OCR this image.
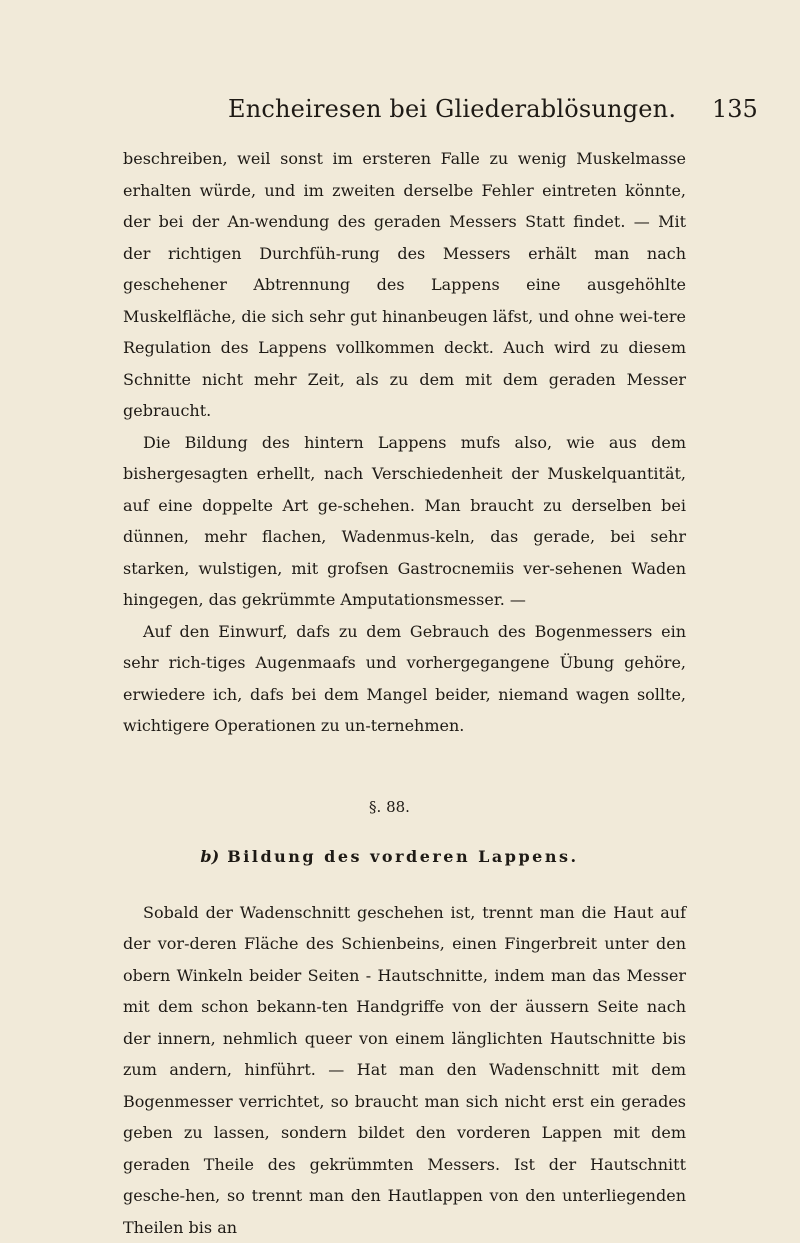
Encheiresen bei Gliederablösungen. 135

beschreiben, weil sonst im ersteren Falle zu wenig Muskelmasse erhalten würde, und im zweiten derselbe Fehler eintreten könnte, der bei der An-wendung des geraden Messers Statt findet. — Mit der richtigen Durchfüh-rung des Messers erhält man nach geschehener Abtrennung des Lappens eine ausgehöhlte Muskelfläche, die sich sehr gut hinanbeugen läfst, und ohne wei-tere Regulation des Lappens vollkommen deckt. Auch wird zu diesem Schnitte nicht mehr Zeit, als zu dem mit dem geraden Messer gebraucht.

Die Bildung des hintern Lappens mufs also, wie aus dem bishergesagten erhellt, nach Verschiedenheit der Muskelquantität, auf eine doppelte Art ge-schehen. Man braucht zu derselben bei dünnen, mehr flachen, Wadenmus-keln, das gerade, bei sehr starken, wulstigen, mit grofsen Gastrocnemiis ver-sehenen Waden hingegen, das gekrümmte Amputationsmesser. —

Auf den Einwurf, dafs zu dem Gebrauch des Bogenmessers ein sehr rich-tiges Augenmaafs und vorhergegangene Übung gehöre, erwiedere ich, dafs bei dem Mangel beider, niemand wagen sollte, wichtigere Operationen zu un-ternehmen.

§. 88.
b) Bildung des vorderen Lappens.

Sobald der Wadenschnitt geschehen ist, trennt man die Haut auf der vor-deren Fläche des Schienbeins, einen Fingerbreit unter den obern Winkeln beider Seiten - Hautschnitte, indem man das Messer mit dem schon bekann-ten Handgriffe von der äussern Seite nach der innern, nehmlich queer von einem länglichten Hautschnitte bis zum andern, hinführt. — Hat man den Wadenschnitt mit dem Bogenmesser verrichtet, so braucht man sich nicht erst ein gerades geben zu lassen, sondern bildet den vorderen Lappen mit dem geraden Theile des gekrümmten Messers. Ist der Hautschnitt gesche-hen, so trennt man den Hautlappen von den unterliegenden Theilen bis an
